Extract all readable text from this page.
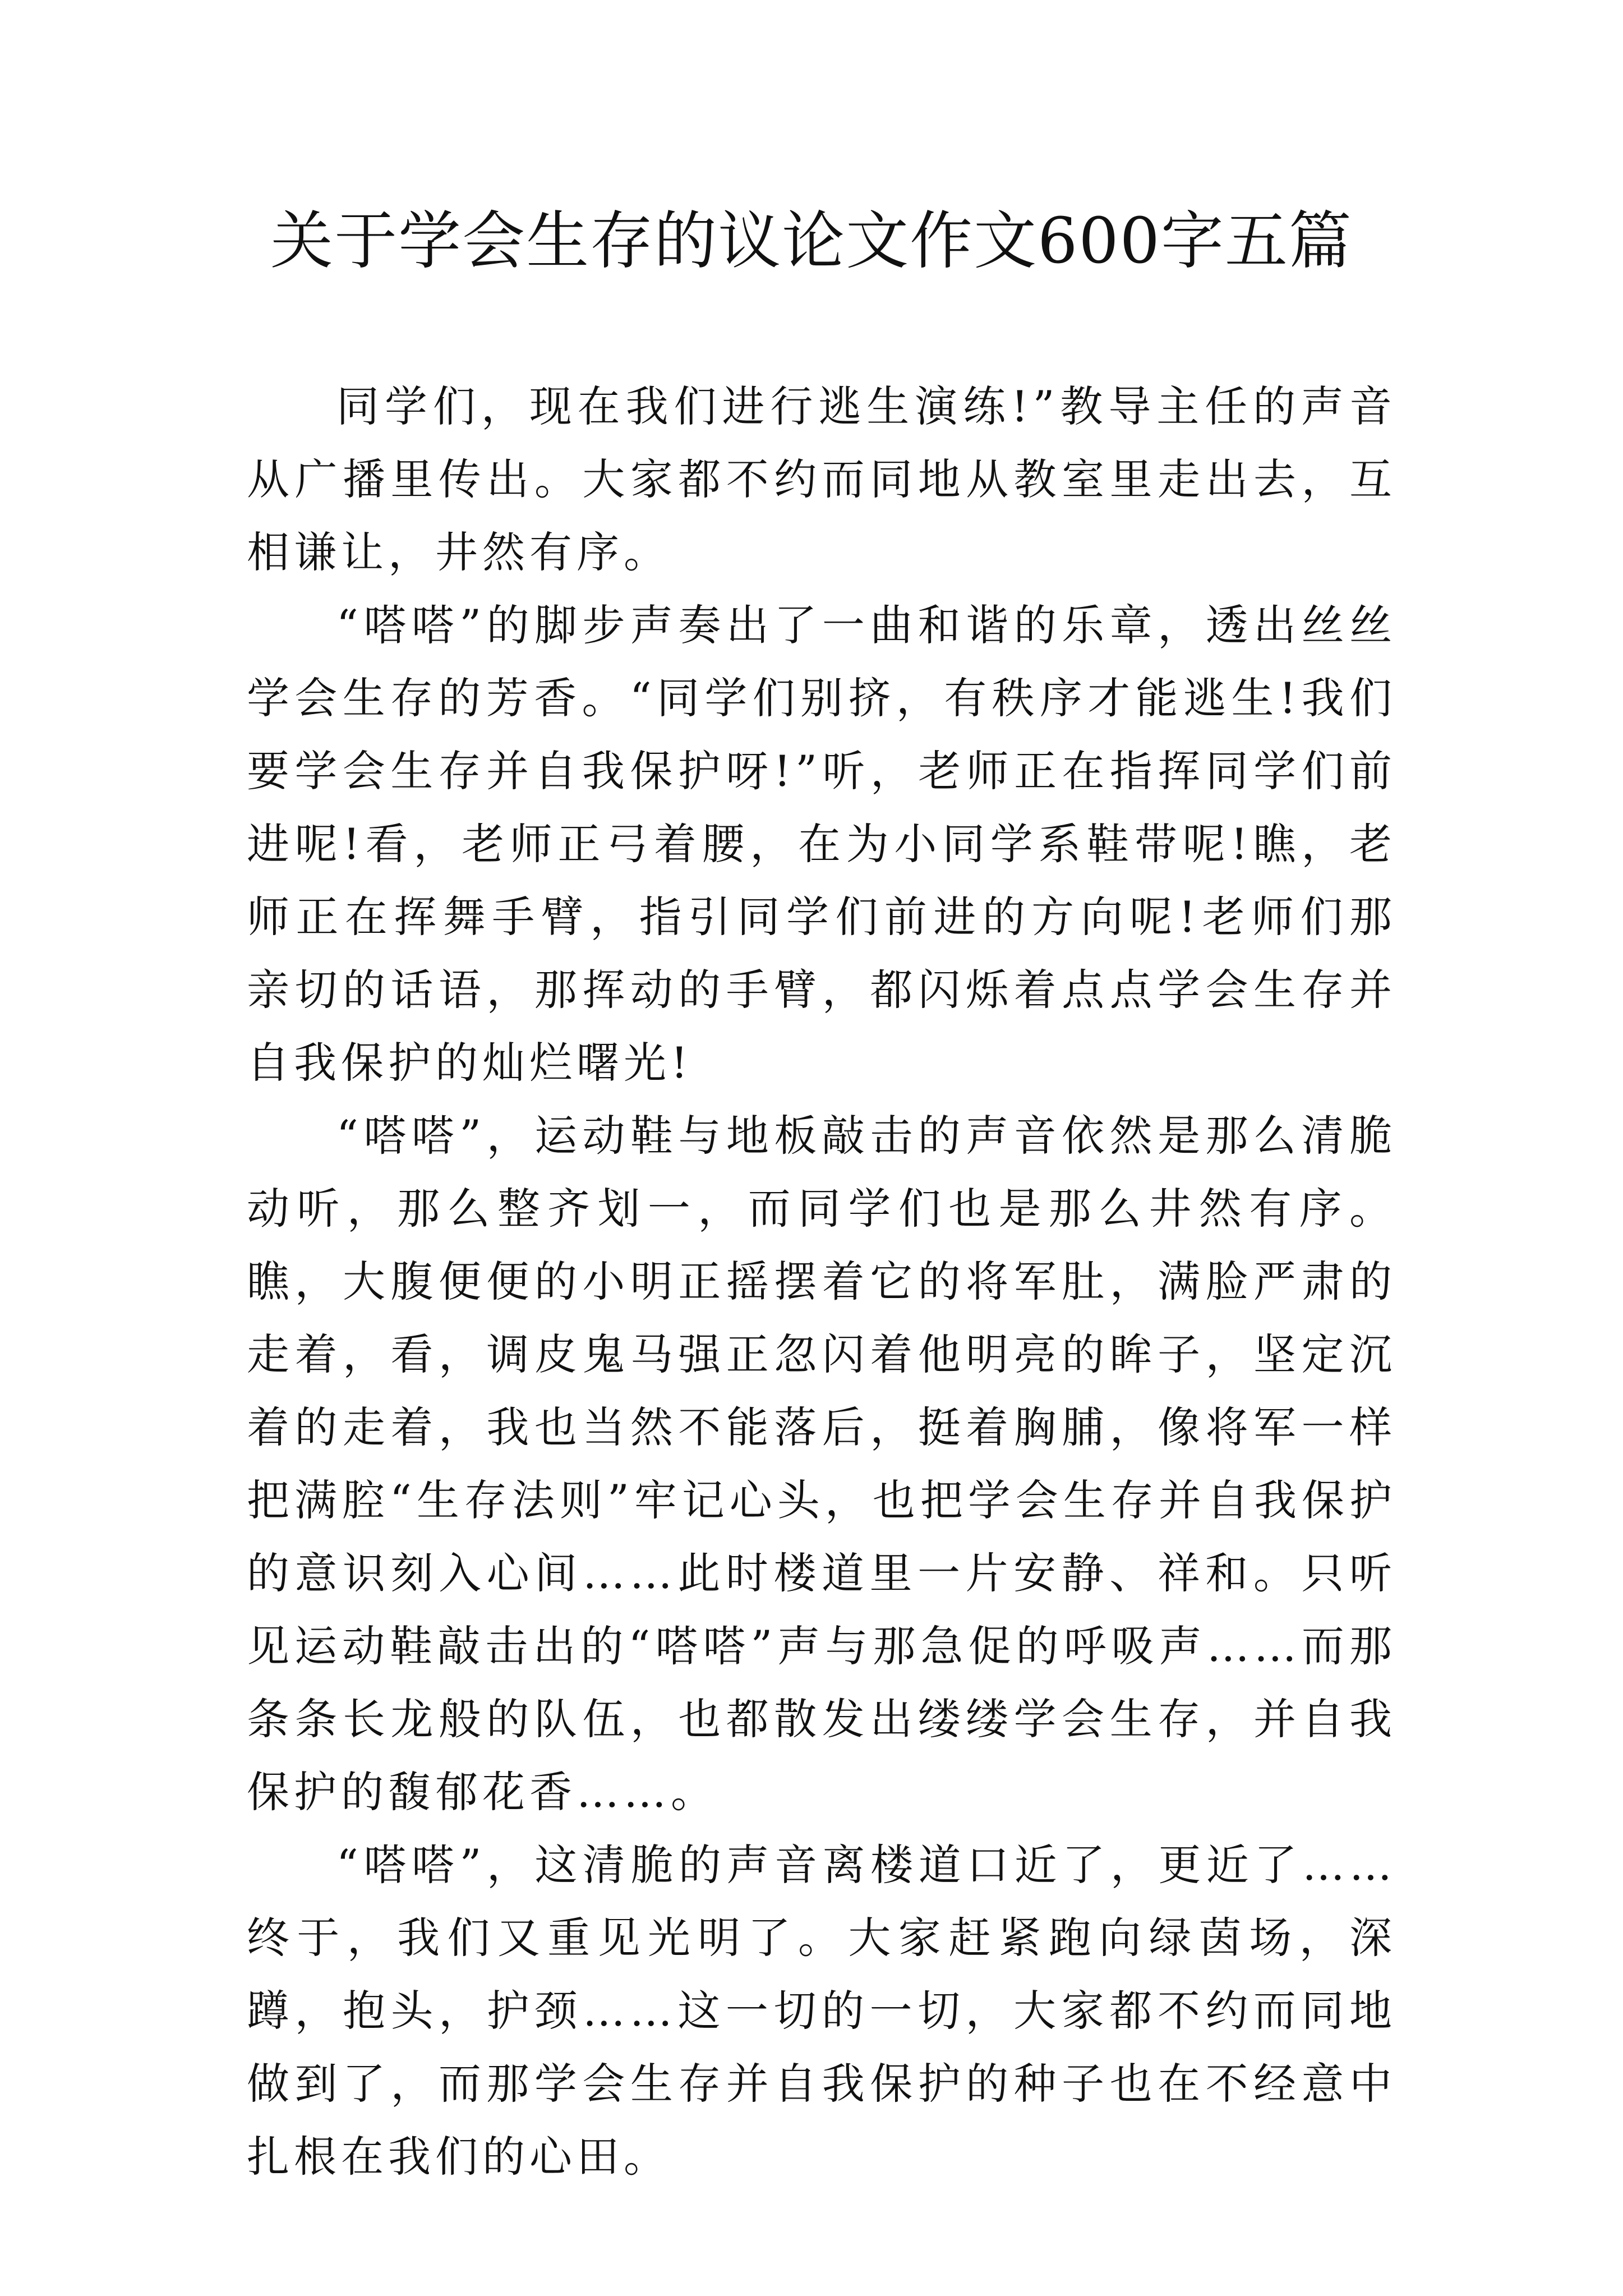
关于学会生存的议论文作文600字五篇

同学们，现在我们进行逃生演练!”教导主任的声音从广播里传出。大家都不约而同地从教室里走出去，互相谦让，井然有序。

“嗒嗒”的脚步声奏出了一曲和谐的乐章，透出丝丝学会生存的芳香。“同学们别挤，有秩序才能逃生!我们要学会生存并自我保护呀!”听，老师正在指挥同学们前进呢!看，老师正弓着腰，在为小同学系鞋带呢!瞧，老师正在挥舞手臂，指引同学们前进的方向呢!老师们那亲切的话语，那挥动的手臂，都闪烁着点点学会生存并自我保护的灿烂曙光!

“嗒嗒”，运动鞋与地板敲击的声音依然是那么清脆动听，那么整齐划一，而同学们也是那么井然有序。瞧，大腹便便的小明正摇摆着它的将军肚，满脸严肃的走着，看，调皮鬼马强正忽闪着他明亮的眸子，坚定沉着的走着，我也当然不能落后，挺着胸脯，像将军一样把满腔“生存法则”牢记心头，也把学会生存并自我保护的意识刻入心间……此时楼道里一片安静、祥和。只听见运动鞋敲击出的“嗒嗒”声与那急促的呼吸声……而那条条长龙般的队伍，也都散发出缕缕学会生存，并自我保护的馥郁花香……。

“嗒嗒”，这清脆的声音离楼道口近了，更近了……终于，我们又重见光明了。大家赶紧跑向绿茵场，深蹲，抱头，护颈……这一切的一切，大家都不约而同地做到了，而那学会生存并自我保护的种子也在不经意中扎根在我们的心田。
